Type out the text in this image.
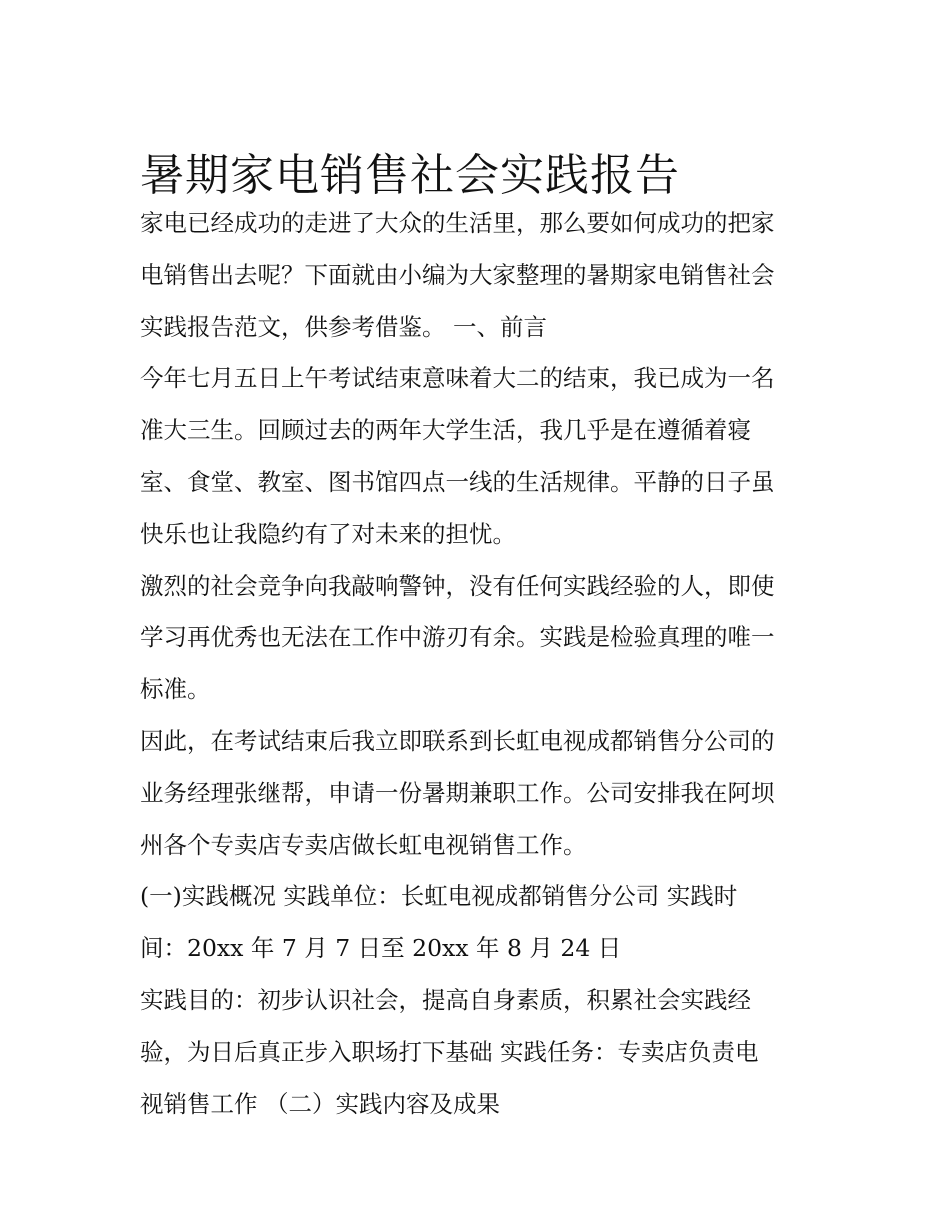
暑期家电销售社会实践报告
家电已经成功的走进了大众的生活里，那么要如何成功的把家
电销售出去呢？下面就由小编为大家整理的暑期家电销售社会
实践报告范文，供参考借鉴。 一、前言
今年七月五日上午考试结束意味着大二的结束，我已成为一名
准大三生。回顾过去的两年大学生活，我几乎是在遵循着寝
室、食堂、教室、图书馆四点一线的生活规律。平静的日子虽
快乐也让我隐约有了对未来的担忧。
激烈的社会竞争向我敲响警钟，没有任何实践经验的人，即使
学习再优秀也无法在工作中游刃有余。实践是检验真理的唯一
标准。
因此，在考试结束后我立即联系到长虹电视成都销售分公司的
业务经理张继帮，申请一份暑期兼职工作。公司安排我在阿坝
州各个专卖店专卖店做长虹电视销售工作。
(一)实践概况 实践单位：长虹电视成都销售分公司 实践时
间：20xx 年 7 月 7 日至 20xx 年 8 月 24 日
实践目的：初步认识社会，提高自身素质，积累社会实践经
验，为日后真正步入职场打下基础 实践任务：专卖店负责电
视销售工作 （二）实践内容及成果
